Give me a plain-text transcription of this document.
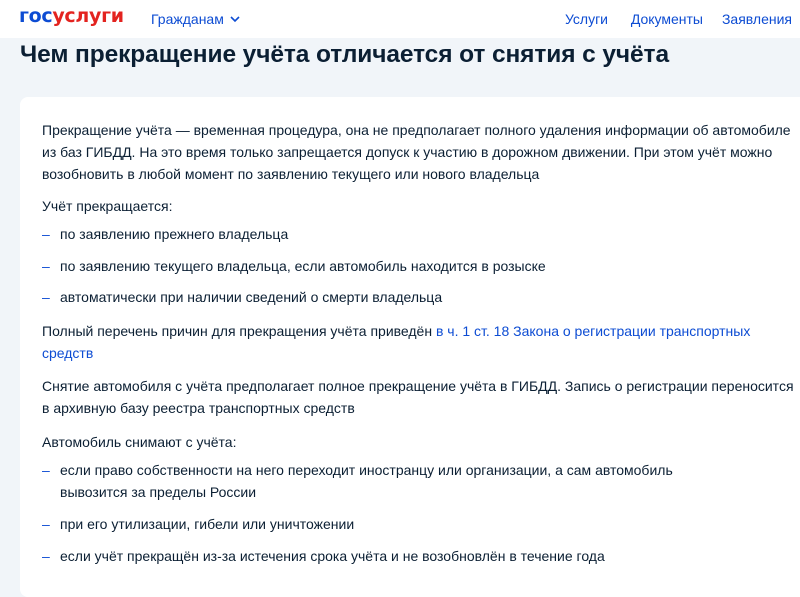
госуслуги Гражданам	Услуги Документы Заявления
Чем прекращение учёта отличается от снятия с учёта
Прекращение учёта — временная процедура, она не предполагает полного удаления информации об автомобиле из баз ГИБДД. На это время только запрещается допуск к участию в дорожном движении. При этом учёт можно возобновить в любой момент по заявлению текущего или нового владельца
Учёт прекращается:
– по заявлению прежнего владельца
– по заявлению текущего владельца, если автомобиль находится в розыске
– автоматически при наличии сведений о смерти владельца
Полный перечень причин для прекращения учёта приведён в ч. 1 ст. 18 Закона о регистрации транспортных средств
Снятие автомобиля с учёта предполагает полное прекращение учёта в ГИБДД. Запись о регистрации переносится в архивную базу реестра транспортных средств
Автомобиль снимают с учёта:
– если право собственности на него переходит иностранцу или организации, а сам автомобиль вывозится за пределы России
– при его утилизации, гибели или уничтожении
– если учёт прекращён из-за истечения срока учёта и не возобновлён в течение года
